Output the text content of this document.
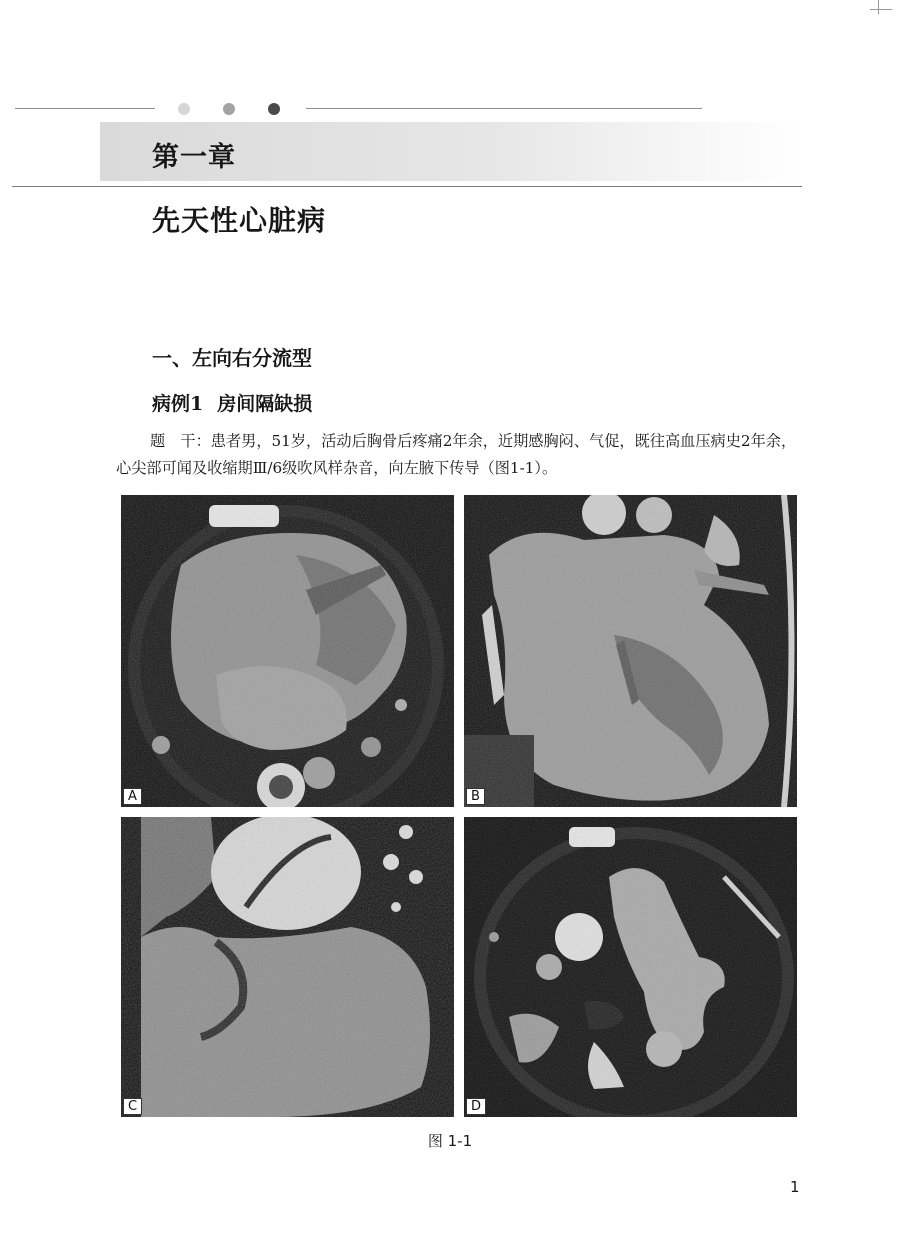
第一章
先天性心脏病
一、左向右分流型
病例1 房间隔缺损
题　干：患者男，51岁，活动后胸骨后疼痛2年余，近期感胸闷、气促，既往高血压病史2年余，心尖部可闻及收缩期Ⅲ/6级吹风样杂音，向左腋下传导（图1-1）。
A	B
C	D
图 1-1
1
